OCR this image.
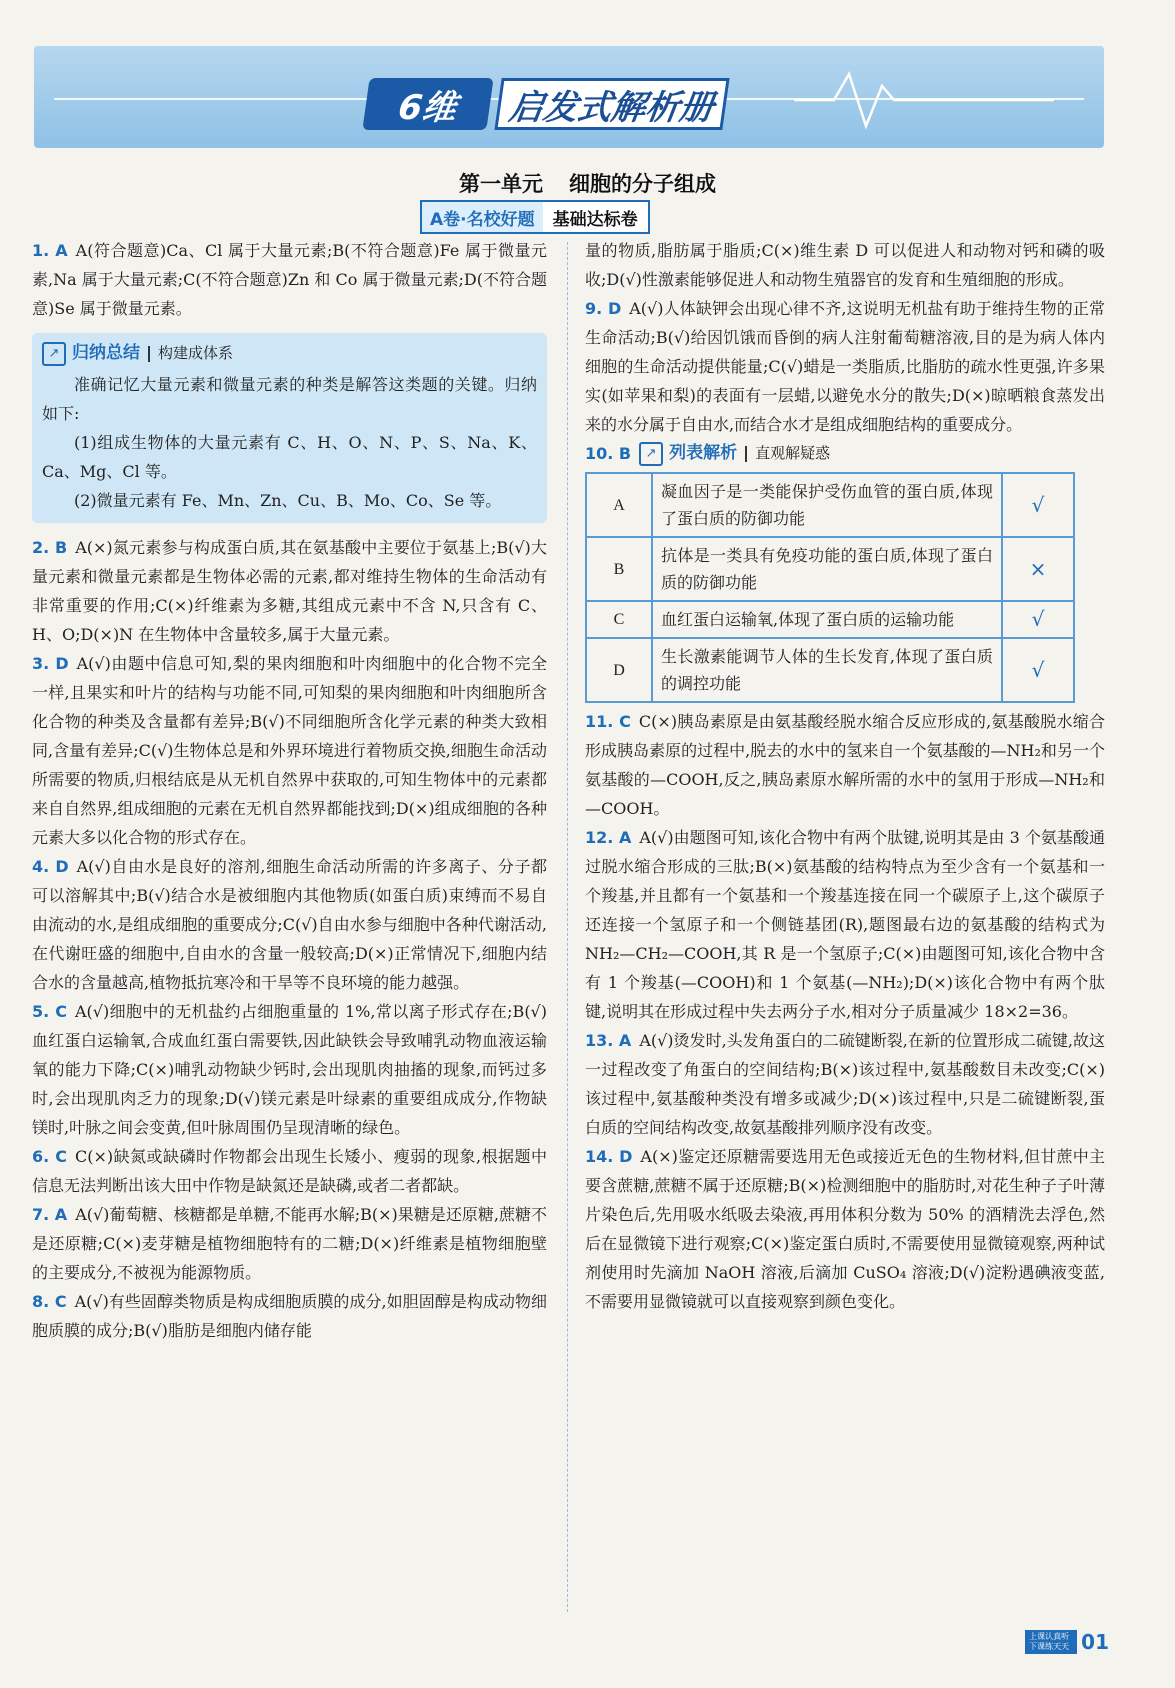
6维	启发式解析册
第一单元 细胞的分子组成
A卷·名校好题	基础达标卷

1. A A(符合题意)Ca、Cl 属于大量元素;B(不符合题意)Fe 属于微量元素,Na 属于大量元素;C(不符合题意)Zn 和 Co 属于微量元素;D(不符合题意)Se 属于微量元素。

↗ 归纳总结 构建成体系

准确记忆大量元素和微量元素的种类是解答这类题的关键。归纳如下:

(1)组成生物体的大量元素有 C、H、O、N、P、S、Na、K、Ca、Mg、Cl 等。

(2)微量元素有 Fe、Mn、Zn、Cu、B、Mo、Co、Se 等。

2. B A(×)氮元素参与构成蛋白质,其在氨基酸中主要位于氨基上;B(√)大量元素和微量元素都是生物体必需的元素,都对维持生物体的生命活动有非常重要的作用;C(×)纤维素为多糖,其组成元素中不含 N,只含有 C、H、O;D(×)N 在生物体中含量较多,属于大量元素。

3. D A(√)由题中信息可知,梨的果肉细胞和叶肉细胞中的化合物不完全一样,且果实和叶片的结构与功能不同,可知梨的果肉细胞和叶肉细胞所含化合物的种类及含量都有差异;B(√)不同细胞所含化学元素的种类大致相同,含量有差异;C(√)生物体总是和外界环境进行着物质交换,细胞生命活动所需要的物质,归根结底是从无机自然界中获取的,可知生物体中的元素都来自自然界,组成细胞的元素在无机自然界都能找到;D(×)组成细胞的各种元素大多以化合物的形式存在。

4. D A(√)自由水是良好的溶剂,细胞生命活动所需的许多离子、分子都可以溶解其中;B(√)结合水是被细胞内其他物质(如蛋白质)束缚而不易自由流动的水,是组成细胞的重要成分;C(√)自由水参与细胞中各种代谢活动,在代谢旺盛的细胞中,自由水的含量一般较高;D(×)正常情况下,细胞内结合水的含量越高,植物抵抗寒冷和干旱等不良环境的能力越强。

5. C A(√)细胞中的无机盐约占细胞重量的 1%,常以离子形式存在;B(√)血红蛋白运输氧,合成血红蛋白需要铁,因此缺铁会导致哺乳动物血液运输氧的能力下降;C(×)哺乳动物缺少钙时,会出现肌肉抽搐的现象,而钙过多时,会出现肌肉乏力的现象;D(√)镁元素是叶绿素的重要组成成分,作物缺镁时,叶脉之间会变黄,但叶脉周围仍呈现清晰的绿色。

6. C C(×)缺氮或缺磷时作物都会出现生长矮小、瘦弱的现象,根据题中信息无法判断出该大田中作物是缺氮还是缺磷,或者二者都缺。

7. A A(√)葡萄糖、核糖都是单糖,不能再水解;B(×)果糖是还原糖,蔗糖不是还原糖;C(×)麦芽糖是植物细胞特有的二糖;D(×)纤维素是植物细胞壁的主要成分,不被视为能源物质。

8. C A(√)有些固醇类物质是构成细胞质膜的成分,如胆固醇是构成动物细胞质膜的成分;B(√)脂肪是细胞内储存能

量的物质,脂肪属于脂质;C(×)维生素 D 可以促进人和动物对钙和磷的吸收;D(√)性激素能够促进人和动物生殖器官的发育和生殖细胞的形成。

9. D A(√)人体缺钾会出现心律不齐,这说明无机盐有助于维持生物的正常生命活动;B(√)给因饥饿而昏倒的病人注射葡萄糖溶液,目的是为病人体内细胞的生命活动提供能量;C(√)蜡是一类脂质,比脂肪的疏水性更强,许多果实(如苹果和梨)的表面有一层蜡,以避免水分的散失;D(×)晾晒粮食蒸发出来的水分属于自由水,而结合水才是组成细胞结构的重要成分。

10. B	↗ 列表解析 直观解疑惑
A	凝血因子是一类能保护受伤血管的蛋白质,体现了蛋白质的防御功能	√
B	抗体是一类具有免疫功能的蛋白质,体现了蛋白质的防御功能	×
C	血红蛋白运输氧,体现了蛋白质的运输功能	√
D	生长激素能调节人体的生长发育,体现了蛋白质的调控功能	√

11. C C(×)胰岛素原是由氨基酸经脱水缩合反应形成的,氨基酸脱水缩合形成胰岛素原的过程中,脱去的水中的氢来自一个氨基酸的—NH₂和另一个氨基酸的—COOH,反之,胰岛素原水解所需的水中的氢用于形成—NH₂和—COOH。

12. A A(√)由题图可知,该化合物中有两个肽键,说明其是由 3 个氨基酸通过脱水缩合形成的三肽;B(×)氨基酸的结构特点为至少含有一个氨基和一个羧基,并且都有一个氨基和一个羧基连接在同一个碳原子上,这个碳原子还连接一个氢原子和一个侧链基团(R),题图最右边的氨基酸的结构式为 NH₂—CH₂—COOH,其 R 是一个氢原子;C(×)由题图可知,该化合物中含有 1 个羧基(—COOH)和 1 个氨基(—NH₂);D(×)该化合物中有两个肽键,说明其在形成过程中失去两分子水,相对分子质量减少 18×2=36。

13. A A(√)烫发时,头发角蛋白的二硫键断裂,在新的位置形成二硫键,故这一过程改变了角蛋白的空间结构;B(×)该过程中,氨基酸数目未改变;C(×)该过程中,氨基酸种类没有增多或减少;D(×)该过程中,只是二硫键断裂,蛋白质的空间结构改变,故氨基酸排列顺序没有改变。

14. D A(×)鉴定还原糖需要选用无色或接近无色的生物材料,但甘蔗中主要含蔗糖,蔗糖不属于还原糖;B(×)检测细胞中的脂肪时,对花生种子子叶薄片染色后,先用吸水纸吸去染液,再用体积分数为 50% 的酒精洗去浮色,然后在显微镜下进行观察;C(×)鉴定蛋白质时,不需要使用显微镜观察,两种试剂使用时先滴加 NaOH 溶液,后滴加 CuSO₄ 溶液;D(√)淀粉遇碘液变蓝,不需要用显微镜就可以直接观察到颜色变化。

上课认真听 下课练天天 01
